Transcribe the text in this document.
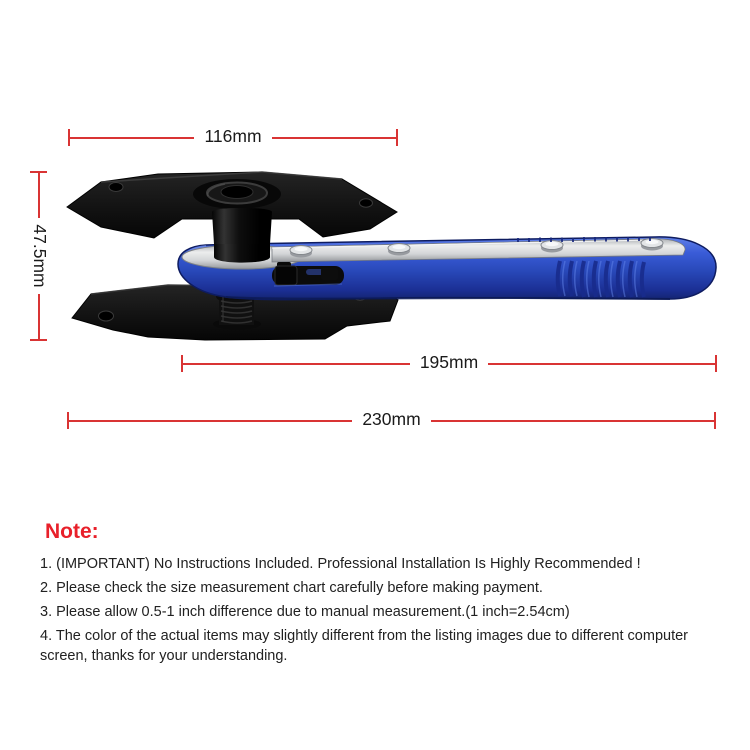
116mm
47.5mm
195mm
230mm
Note:

1. (IMPORTANT) No Instructions Included. Professional Installation Is Highly Recommended !

2. Please check the size measurement chart carefully before making payment.

3. Please allow 0.5-1 inch difference due to manual measurement.(1 inch=2.54cm)

4. The color of the actual items may slightly different from the listing images due to different computer screen, thanks for your understanding.
